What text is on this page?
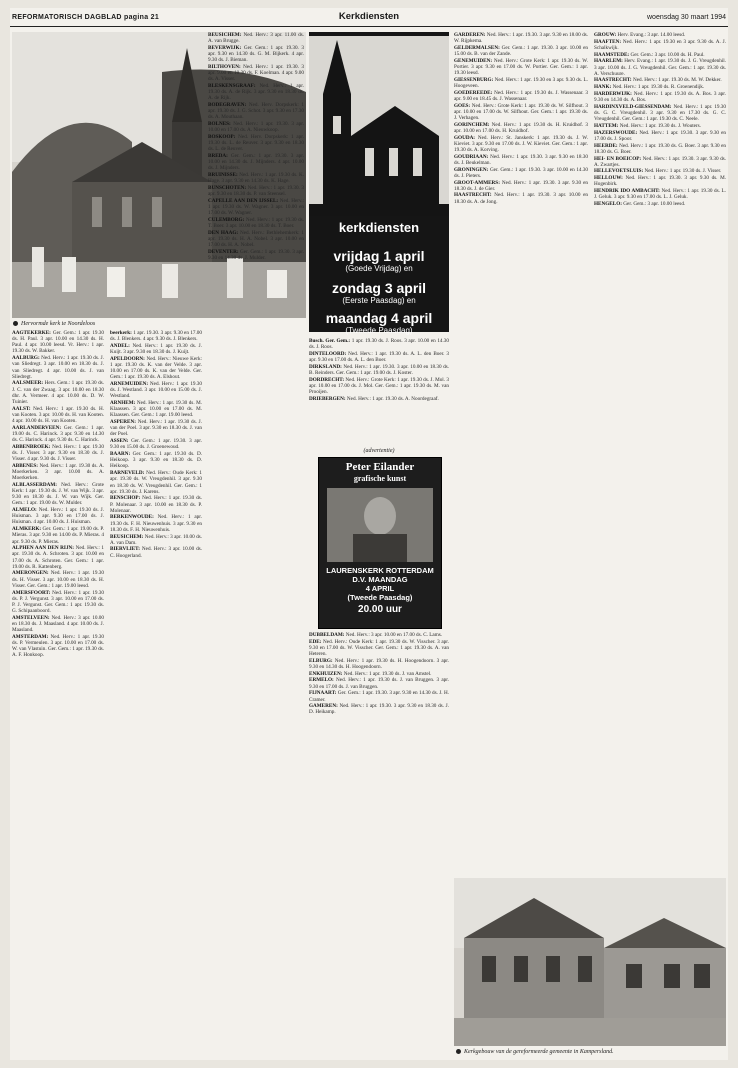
REFORMATORISCH DAGBLAD pagina 21	Kerkdiensten	woensdag 30 maart 1994
Hervormde kerk te Noordeloos
kerkdiensten
vrijdag 1 april
(Goede Vrijdag) en
zondag 3 april
(Eerste Paasdag) en
maandag 4 april
(Tweede Paasdag)

AAGTEKERKE: Ger. Gem.: 1 apr. 19.30 ds. H. Paul. 3 apr. 10.00 en 14.30 ds. H. Paul. 4 apr. 10.00 leesd. Vr. Herv.: 1 apr. 19.30 ds. W. Bakker.

AALBURG: Ned. Herv.: 1 apr. 19.30 ds. J. van Sliedregt. 3 apr. 10.00 en 18.30 ds. J. van Sliedregt. 4 apr. 10.00 ds. J. van Sliedregt.

AALSMEER: Hers. Gem.: 1 apr. 19.30 ds. J. C. van der Zwaag. 3 apr. 10.00 en 18.30 dhr. A. Vermeer. 4 apr. 10.00 ds. D. W. Tuinier.

AALST: Ned. Herv.: 1 apr. 19.30 ds. H. van Kooten. 3 apr. 10.00 ds. H. van Kooten. 4 apr. 10.00 ds. H. van Kooten.

AARLANDERVEEN: Ger. Gem.: 1 apr. 19.00 ds. C. Harinck. 3 apr. 9.30 en 14.30 ds. C. Harinck. 4 apr. 9.30 ds. C. Harinck.

ABBENBROEK: Ned. Herv.: 1 apr. 19.30 ds. J. Visser. 3 apr. 9.30 en 18.30 ds. J. Visser. 4 apr. 9.30 ds. J. Visser.

ABBENES: Ned. Herv.: 1 apr. 19.30 ds. A. Moerkerken. 3 apr. 10.00 ds. A. Moerkerken.

ALBLASSERDAM: Ned. Herv.: Grote Kerk: 1 apr. 19.30 ds. J. W. van Wijk. 3 apr. 9.30 en 18.30 ds. J. W. van Wijk. Ger. Gem.: 1 apr. 19.00 ds. W. Mulder.

ALMELO: Ned. Herv.: 1 apr. 19.30 ds. J. Huisman. 3 apr. 9.30 en 17.00 ds. J. Huisman. 4 apr. 10.00 ds. J. Huisman.

ALMKERK: Ger. Gem.: 1 apr. 19.00 ds. P. Mieras. 3 apr. 9.30 en 14.00 ds. P. Mieras. 4 apr. 9.30 ds. P. Mieras.

ALPHEN AAN DEN RIJN: Ned. Herv.: 1 apr. 19.30 ds. A. Schroten. 3 apr. 10.00 en 17.00 ds. A. Schroten. Ger. Gem.: 1 apr. 19.00 ds. R. Kattenberg.

AMERONGEN: Ned. Herv.: 1 apr. 19.30 ds. H. Visser. 3 apr. 10.00 en 18.30 ds. H. Visser. Ger. Gem.: 1 apr. 19.00 leesd.

AMERSFOORT: Ned. Herv.: 1 apr. 19.30 ds. P. J. Vergunst. 3 apr. 10.00 en 17.00 ds. P. J. Vergunst. Ger. Gem.: 1 apr. 19.30 ds. G. Schipaanboord.

AMSTELVEEN: Ned. Herv.: 3 apr. 10.00 en 18.30 ds. J. Maasland. 4 apr. 10.00 ds. J. Maasland.

AMSTERDAM: Ned. Herv.: 1 apr. 19.30 ds. P. Vermeulen. 3 apr. 10.00 en 17.00 ds. W. van Vlastuin. Ger. Gem.: 1 apr. 19.30 ds. A. F. Honkoop.

beerkerk: 1 apr. 19.30. 3 apr. 9.30 en 17.00 ds. J. Blenkers. 4 apr. 9.30 ds. J. Blenkers.

ANDEL: Ned. Herv.: 1 apr. 19.30 ds. J. Kuijt. 3 apr. 9.30 en 18.30 ds. J. Kuijt.

APELDOORN: Ned. Herv.: Nieuwe Kerk: 1 apr. 19.30 ds. K. van der Velde. 3 apr. 10.00 en 17.00 ds. K. van der Velde. Ger. Gem.: 1 apr. 19.30 ds. A. Elshout.

ARNEMUIDEN: Ned. Herv.: 1 apr. 19.30 ds. J. Westland. 3 apr. 10.00 en 15.00 ds. J. Westland.

ARNHEM: Ned. Herv.: 1 apr. 19.30 ds. M. Klaassen. 3 apr. 10.00 en 17.00 ds. M. Klaassen. Ger. Gem.: 1 apr. 19.00 leesd.

ASPEREN: Ned. Herv.: 1 apr. 19.30 ds. J. van der Poel. 3 apr. 9.30 en 18.30 ds. J. van der Poel.

ASSEN: Ger. Gem.: 1 apr. 19.30. 3 apr. 9.30 en 15.00 ds. J. Groenewoud.

BAARN: Ger. Gem.: 1 apr. 19.30 ds. D. Heikoop. 3 apr. 9.30 en 18.30 ds. D. Heikoop.

BARNEVELD: Ned. Herv.: Oude Kerk: 1 apr. 19.30 ds. W. Vreugdenhil. 3 apr. 9.30 en 18.30 ds. W. Vreugdenhil. Ger. Gem.: 1 apr. 19.30 ds. J. Karens.

BENSCHOP: Ned. Herv.: 1 apr. 19.30 ds. P. Molenaar. 3 apr. 10.00 en 18.30 ds. P. Molenaar.

BERKENWOUDE: Ned. Herv.: 1 apr. 19.30 ds. F. H. Nieuwenhuis. 3 apr. 9.30 en 18.30 ds. F. H. Nieuwenhuis.

BEUSICHEM: Ned. Herv.: 3 apr. 10.00 ds. A. van Dam.

BIERVLIET: Ned. Herv.: 3 apr. 10.00 ds. C. Hoogerland.

BEUSICHEM: Ned. Herv.: 3 apr. 11.00 ds. A. van Brugge.

BEVERWIJK: Ger. Gem.: 1 apr. 19.30. 3 apr. 9.30 en 14.30 ds. G. M. Bijkerk. 4 apr. 9.30 ds. J. Bieman.

BILTHOVEN: Ned. Herv.: 1 apr. 19.30. 3 apr. 9.00 en 10.30 ds. F. Koelman. 4 apr. 9.00 ds. A. Visser.

BLESKENSGRAAF: Ned. Herv.: 1 apr. 19.30 ds. A. de Rijk. 3 apr. 9.30 en 18.30 ds. A. de Rijk.

BODEGRAVEN: Ned. Herv. Dorpskerk: 1 apr. 19.30 ds. J. G. Schot. 3 apr. 9.30 en 17.30 ds. A. Mouthaan.

BOLNES: Ned. Herv.: 1 apr. 19.30. 3 apr. 10.00 en 17.00 ds. A. Nieuwkoop.

BOSKOOP: Ned. Herv. Dorpskerk: 1 apr. 19.30 ds. L. de Reuver. 3 apr. 9.30 en 18.30 ds. L. de Reuver.

BREDA: Ger. Gem.: 1 apr. 19.30. 3 apr. 10.00 en 14.30 ds. J. Mijnders. 4 apr. 10.00 ds. J. Mijnders.

BRUINISSE: Ned. Herv.: 1 apr. 19.30 ds. K. Hage. 3 apr. 9.30 en 14.30 ds. K. Hage.

BUNSCHOTEN: Ned. Herv.: 1 apr. 19.30. 3 apr. 9.30 en 18.30 ds. P. van Steensel.

CAPELLE AAN DEN IJSSEL: Ned. Herv.: 1 apr. 19.30 ds. W. Wagner. 3 apr. 10.00 en 17.00 ds. W. Wagner.

CULEMBORG: Ned. Herv.: 1 apr. 19.30 ds. T. Boer. 3 apr. 10.00 en 18.30 ds. T. Boer.

DEN HAAG: Ned. Herv.: Bethlehemkerk: 1 apr. 19.30 ds. H. A. Nobel. 3 apr. 10.00 en 17.00 ds. H. A. Nobel.

DEVENTER: Ger. Gem.: 1 apr. 19.30. 3 apr. 9.30 en 14.30 ds. J. Mulder.

Busch. Ger. Gem.: 1 apr. 19.30 ds. J. Roos. 3 apr. 10.00 en 14.30 ds. J. Roos.

DINTELOORD: Ned. Herv.: 1 apr. 19.30 ds. A. L. den Boer. 3 apr. 9.30 en 17.00 ds. A. L. den Boer.

DIRKSLAND: Ned. Herv.: 1 apr. 19.30. 3 apr. 10.00 en 18.30 ds. B. Reinders. Ger. Gem.: 1 apr. 19.00 ds. J. Koster.

DORDRECHT: Ned. Herv.: Grote Kerk: 1 apr. 19.30 ds. J. Mol. 3 apr. 10.00 en 17.00 ds. J. Mol. Ger. Gem.: 1 apr. 19.30 ds. M. van Prooijen.

DRIEBERGEN: Ned. Herv.: 1 apr. 19.30 ds. A. Noordegraaf.

DUBBELDAM: Ned. Herv.: 3 apr. 10.00 en 17.00 ds. C. Lams.

EDE: Ned. Herv.: Oude Kerk: 1 apr. 19.30 ds. W. Visscher. 3 apr. 9.30 en 17.00 ds. W. Visscher. Ger. Gem.: 1 apr. 19.30 ds. A. van Heteren.

ELBURG: Ned. Herv.: 1 apr. 19.30 ds. H. Hoogendoorn. 3 apr. 9.30 en 14.30 ds. H. Hoogendoorn.

ENKHUIZEN: Ned. Herv.: 1 apr. 19.30 ds. J. van Amstel.

ERMELO: Ned. Herv.: 1 apr. 19.30 ds. J. van Bruggen. 3 apr. 9.30 en 17.00 ds. J. van Bruggen.

FIJNAART: Ger. Gem.: 1 apr. 19.30. 3 apr. 9.30 en 14.30 ds. J. H. Cramer.

GAMEREN: Ned. Herv.: 1 apr. 19.30. 3 apr. 9.30 en 18.30 ds. J. D. Heikamp.

GARDEREN: Ned. Herv.: 1 apr. 19.30. 3 apr. 9.30 en 18.00 ds. W. Rijpkema.

GELDERMALSEN: Ger. Gem.: 1 apr. 19.30. 3 apr. 10.00 en 15.00 ds. B. van der Zande.

GENEMUIDEN: Ned. Herv.: Grote Kerk: 1 apr. 19.30 ds. W. Portier. 3 apr. 9.30 en 17.00 ds. W. Portier. Ger. Gem.: 1 apr. 19.30 leesd.

GIESSENBURG: Ned. Herv.: 1 apr. 19.30 en 3 apr. 9.30 ds. L. Hoogeveen.

GOEDEREEDE: Ned. Herv.: 1 apr. 19.30 ds. J. Wassenaar. 3 apr. 9.00 en 18.45 ds. J. Wassenaar.

GOES: Ned. Herv.: Grote Kerk: 1 apr. 19.30 ds. W. Silfhout. 3 apr. 10.00 en 17.00 ds. W. Silfhout. Ger. Gem.: 1 apr. 19.30 ds. J. Verhagen.

GORINCHEM: Ned. Herv.: 1 apr. 19.30 ds. H. Kruidhof. 3 apr. 10.00 en 17.00 ds. H. Kruidhof.

GOUDA: Ned. Herv.: St. Janskerk: 1 apr. 19.30 ds. J. W. Kieviet. 3 apr. 9.30 en 17.00 ds. J. W. Kieviet. Ger. Gem.: 1 apr. 19.30 ds. A. Korving.

GOUDRIAAN: Ned. Herv.: 1 apr. 19.30. 3 apr. 9.30 en 18.30 ds. J. Beukelman.

GRONINGEN: Ger. Gem.: 1 apr. 19.30. 3 apr. 10.00 en 14.30 ds. J. Pieters.

GROOT-AMMERS: Ned. Herv.: 1 apr. 19.30. 3 apr. 9.30 en 18.30 ds. J. de Gier.

HAASTRECHT: Ned. Herv.: 1 apr. 19.30. 3 apr. 10.00 en 18.30 ds. A. de Jong.

GROUW: Herv. Evang.: 3 apr. 14.00 leesd.

HAAFTEN: Ned. Herv.: 1 apr. 19.30 en 3 apr. 9.30 ds. A. J. Schalkwijk.

HAAMSTEDE: Ger. Gem.: 3 apr. 10.00 ds. H. Paul.

HAARLEM: Herv. Evang.: 1 apr. 19.30 ds. J. G. Vreugdenhil. 3 apr. 10.00 ds. J. G. Vreugdenhil. Ger. Gem.: 1 apr. 19.30 ds. A. Verschuure.

HAASTRECHT: Ned. Herv.: 1 apr. 19.30 ds. M. W. Dekker.

HANK: Ned. Herv.: 1 apr. 19.30 ds. R. Groenendijk.

HARDERWIJK: Ned. Herv.: 1 apr. 19.30 ds. A. Bos. 3 apr. 9.30 en 14.30 ds. A. Bos.

HARDINXVELD-GIESSENDAM: Ned. Herv.: 1 apr. 19.30 ds. G. C. Vreugdenhil. 3 apr. 9.30 en 17.30 ds. G. C. Vreugdenhil. Ger. Gem.: 1 apr. 19.30 ds. C. Neele.

HATTEM: Ned. Herv.: 1 apr. 19.30 ds. J. Wouters.

HAZERSWOUDE: Ned. Herv.: 1 apr. 19.30. 3 apr. 9.30 en 17.00 ds. J. Spoor.

HEERDE: Ned. Herv.: 1 apr. 19.30 ds. G. Boer. 3 apr. 9.30 en 18.30 ds. G. Boer.

HEI- EN BOEICOP: Ned. Herv.: 1 apr. 19.30. 3 apr. 9.30 ds. A. Zwartjes.

HELLEVOETSLUIS: Ned. Herv.: 1 apr. 19.30 ds. J. Visser.

HELLOUW: Ned. Herv.: 1 apr. 19.30. 3 apr. 9.30 ds. M. Hogenbirk.

HENDRIK IDO AMBACHT: Ned. Herv.: 1 apr. 19.30 ds. L. J. Geluk. 3 apr. 9.30 en 17.00 ds. L. J. Geluk.

HENGELO: Ger. Gem.: 3 apr. 10.00 leesd.

(advertentie)
Peter Eilander
grafische kunst
LAURENSKERK ROTTERDAM
D.V. MAANDAG
4 APRIL
(Tweede Paasdag)
20.00 uur
Kerkgebouw van de gereformeerde gemeente in Kampersland.
